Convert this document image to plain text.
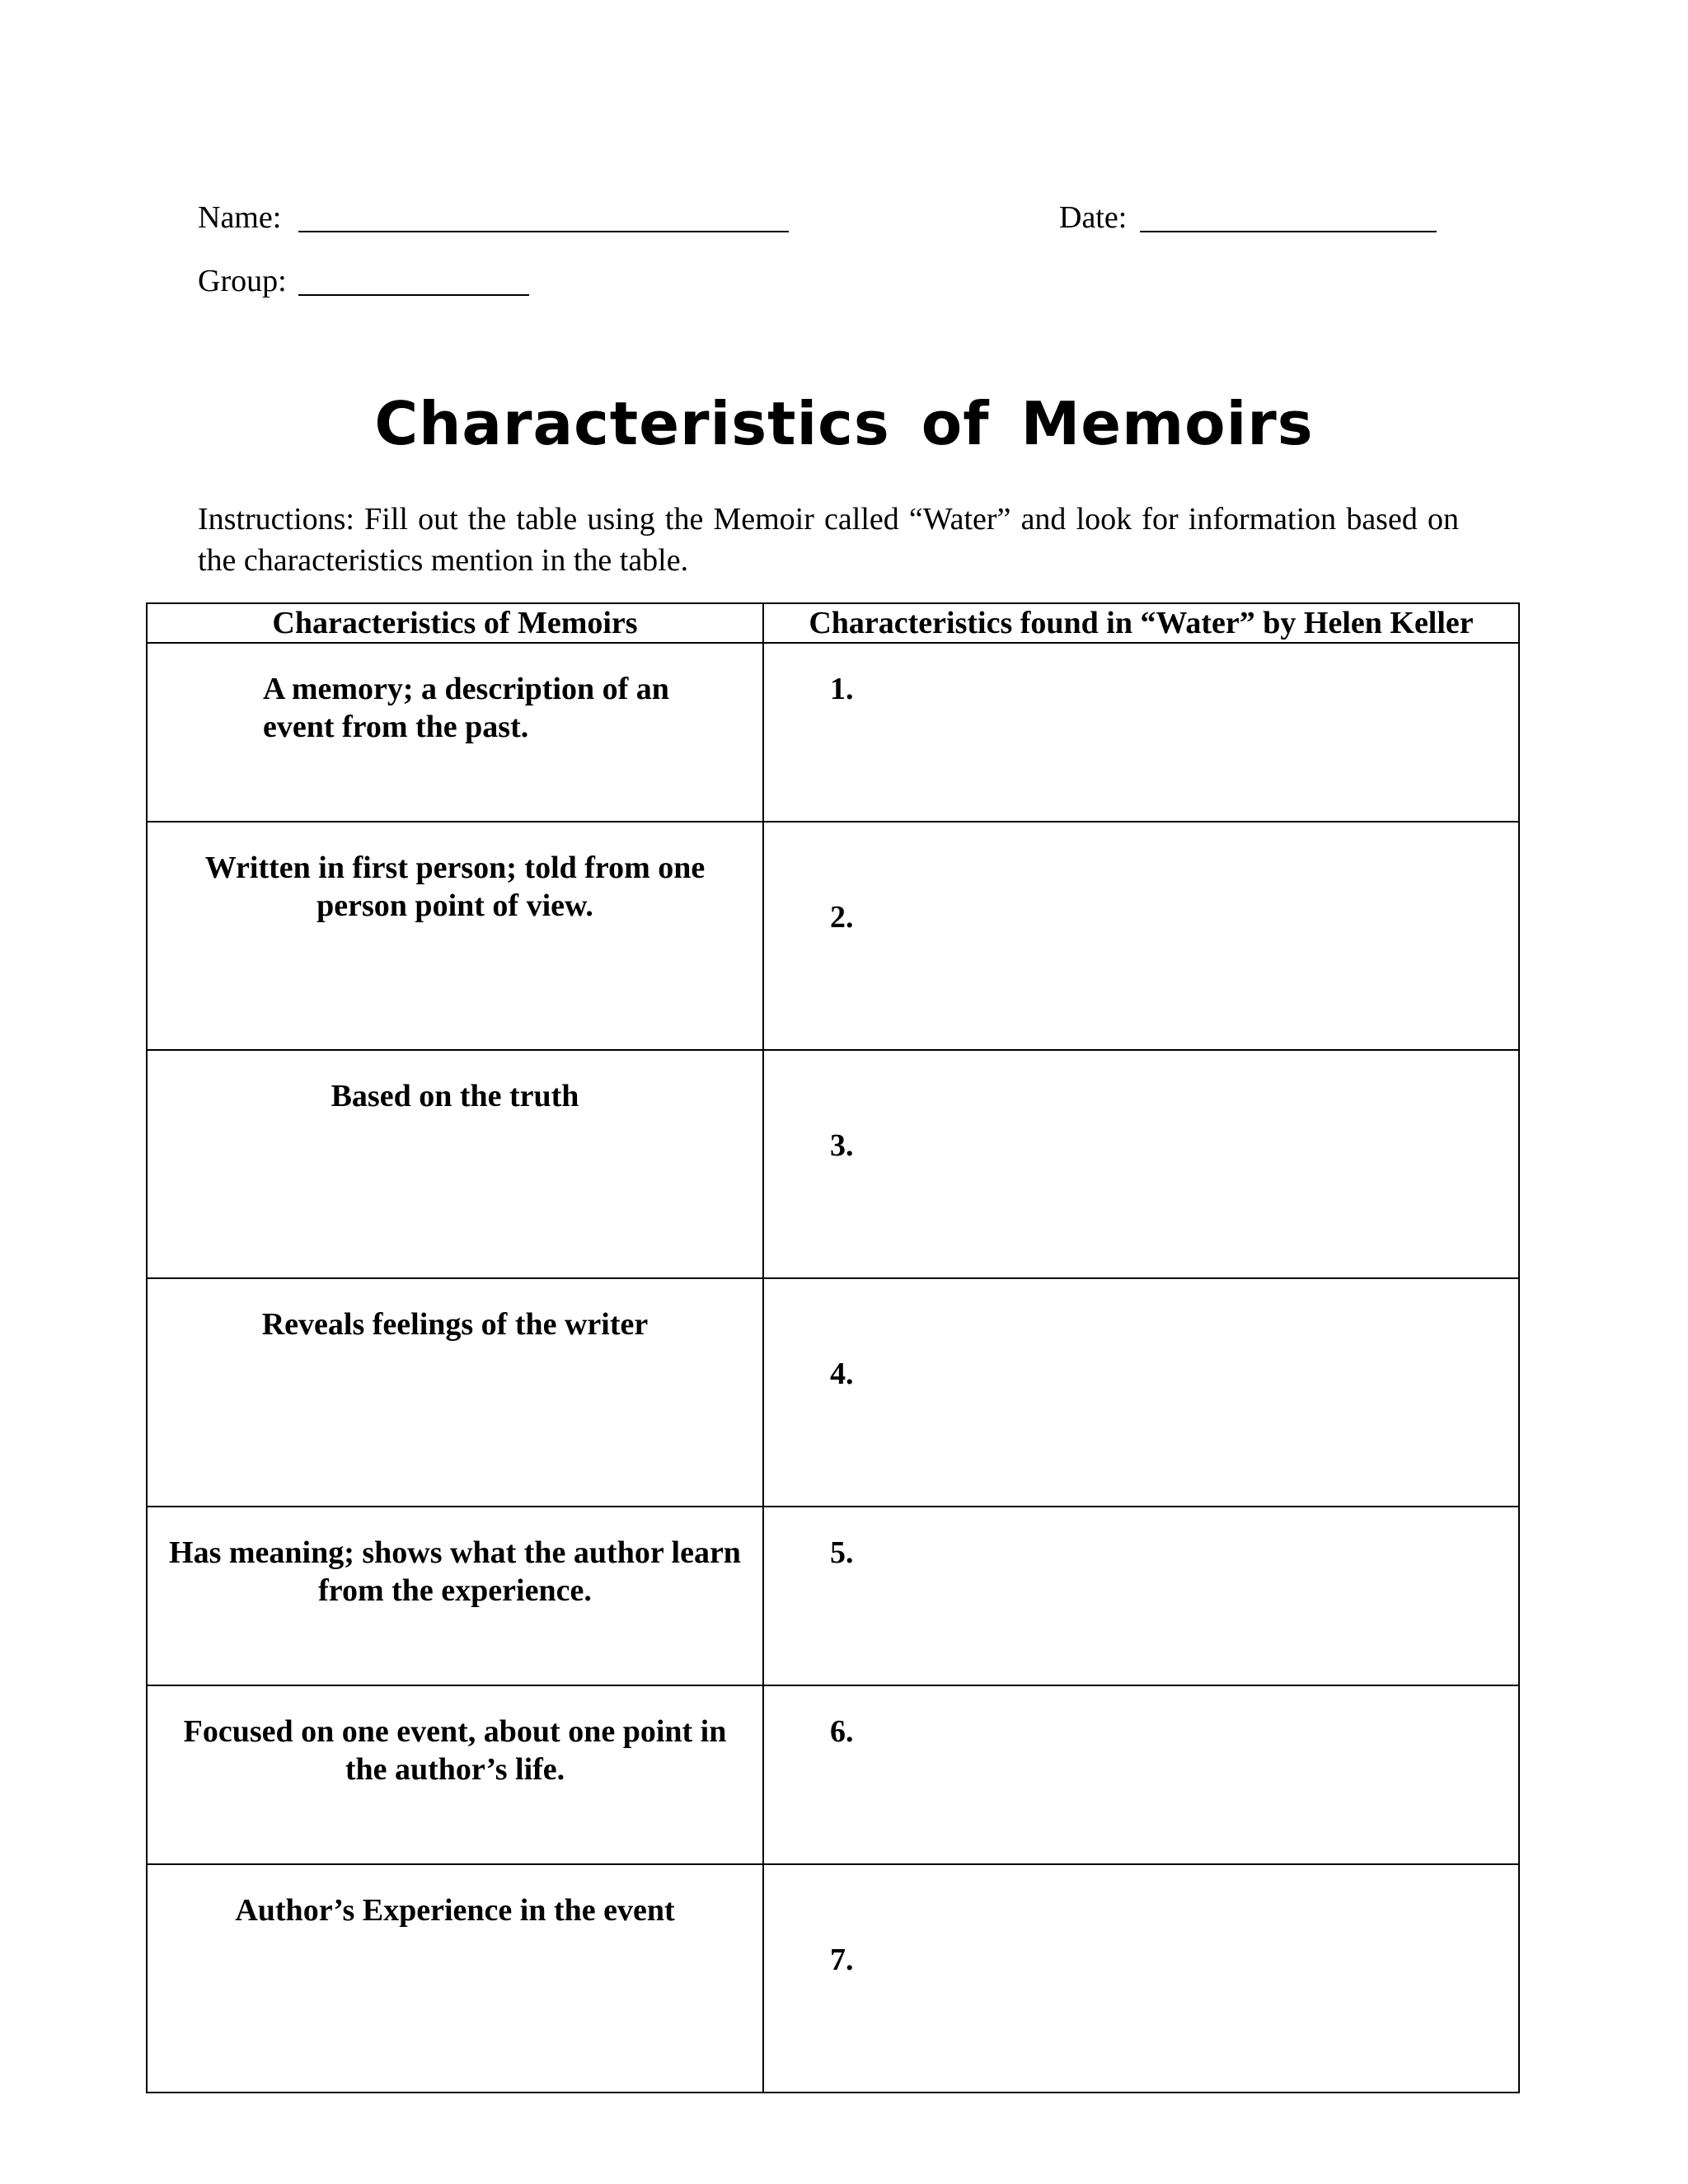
Name:	Date:
Group:
Characteristics of Memoirs
Instructions: Fill out the table using the Memoir called “Water” and look for information based on the characteristics mention in the table.
Characteristics of Memoirs	Characteristics found in “Water” by Helen Keller
A memory; a description of an event from the past.	1.
Written in first person; told from one person point of view.	2.
Based on the truth	3.
Reveals feelings of the writer	4.
Has meaning; shows what the author learn from the experience.	5.
Focused on one event, about one point in the author’s life.	6.
Author’s Experience in the event	7.
